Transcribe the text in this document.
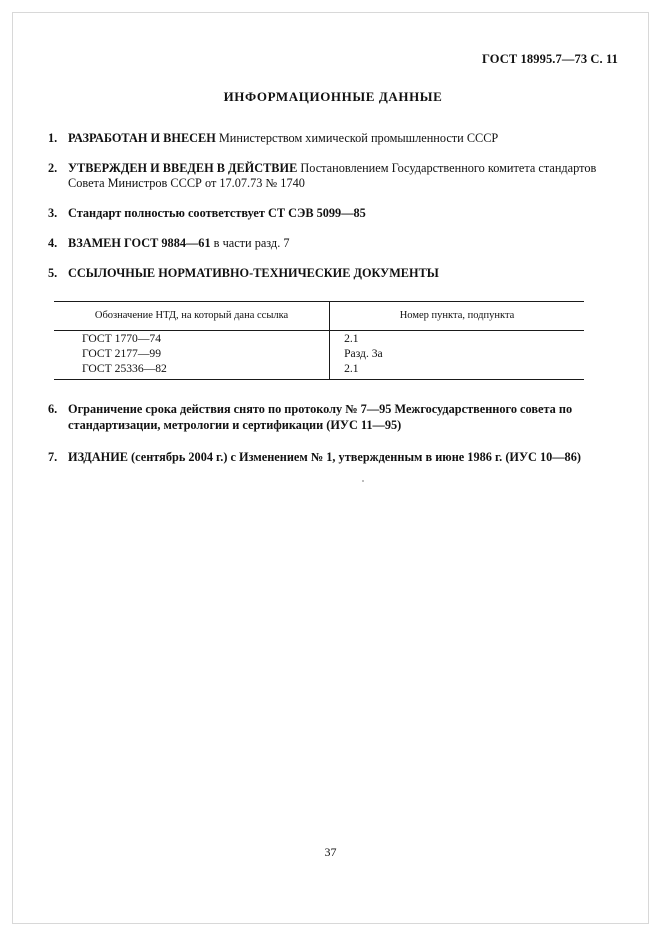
ГОСТ 18995.7—73 С. 11
ИНФОРМАЦИОННЫЕ ДАННЫЕ
1. РАЗРАБОТАН И ВНЕСЕН Министерством химической промышленности СССР
2. УТВЕРЖДЕН И ВВЕДЕН В ДЕЙСТВИЕ Постановлением Государственного комитета стандартов Совета Министров СССР от 17.07.73 № 1740
3. Стандарт полностью соответствует СТ СЭВ 5099—85
4. ВЗАМЕН ГОСТ 9884—61 в части разд. 7
5. ССЫЛОЧНЫЕ НОРМАТИВНО-ТЕХНИЧЕСКИЕ ДОКУМЕНТЫ
Обозначение НТД, на который дана ссылка	Номер пункта, подпункта
ГОСТ 1770—74	2.1
ГОСТ 2177—99	Разд. 3а
ГОСТ 25336—82	2.1
6. Ограничение срока действия снято по протоколу № 7—95 Межгосударственного совета по стандартизации, метрологии и сертификации (ИУС 11—95)
7. ИЗДАНИЕ (сентябрь 2004 г.) с Изменением № 1, утвержденным в июне 1986 г. (ИУС 10—86)
37
